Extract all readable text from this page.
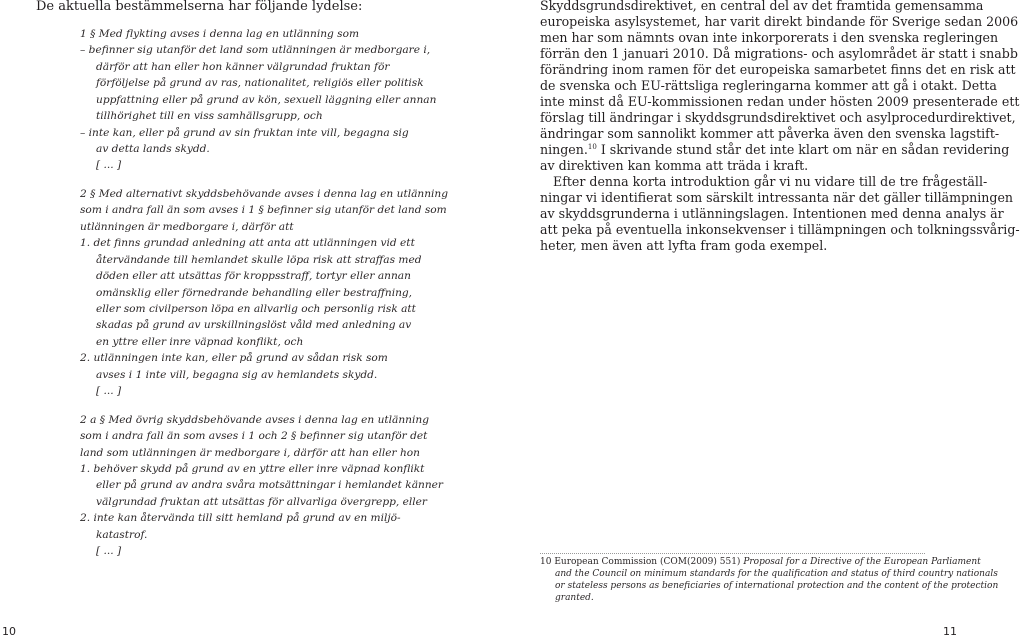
De aktuella bestämmelserna har följande lydelse:
1 § Med flykting avses i denna lag en utlänning som
– befinner sig utanför det land som utlänningen är medborgare i,
därför att han eller hon känner välgrundad fruktan för
förföljelse på grund av ras, nationalitet, religiös eller politisk
uppfattning eller på grund av kön, sexuell läggning eller annan
tillhörighet till en viss samhällsgrupp, och
– inte kan, eller på grund av sin fruktan inte vill, begagna sig
av detta lands skydd.
[ ... ]
2 § Med alternativt skyddsbehövande avses i denna lag en utlänning
som i andra fall än som avses i 1 § befinner sig utanför det land som
utlänningen är medborgare i, därför att
1. det finns grundad anledning att anta att utlänningen vid ett
återvändande till hemlandet skulle löpa risk att straffas med
döden eller att utsättas för kroppsstraff, tortyr eller annan
omänsklig eller förnedrande behandling eller bestraffning,
eller som civilperson löpa en allvarlig och personlig risk att
skadas på grund av urskillningslöst våld med anledning av
en yttre eller inre väpnad konflikt, och
2. utlänningen inte kan, eller på grund av sådan risk som
avses i 1 inte vill, begagna sig av hemlandets skydd.
[ ... ]
2 a § Med övrig skyddsbehövande avses i denna lag en utlänning
som i andra fall än som avses i 1 och 2 § befinner sig utanför det
land som utlänningen är medborgare i, därför att han eller hon
1. behöver skydd på grund av en yttre eller inre väpnad konflikt
eller på grund av andra svåra motsättningar i hemlandet känner
välgrundad fruktan att utsättas för allvarliga övergrepp, eller
2. inte kan återvända till sitt hemland på grund av en miljö-
katastrof.
[ ... ]
10
Skyddsgrundsdirektivet, en central del av det framtida gemensamma
europeiska asylsystemet, har varit direkt bindande för Sverige sedan 2006
men har som nämnts ovan inte inkorporerats i den svenska regleringen
förrän den 1 januari 2010. Då migrations- och asylområdet är statt i snabb
förändring inom ramen för det europeiska samarbetet finns det en risk att
de svenska och EU-rättsliga regleringarna kommer att gå i otakt. Detta
inte minst då EU-kommissionen redan under hösten 2009 presenterade ett
förslag till ändringar i skyddsgrundsdirektivet och asylprocedurdirektivet,
ändringar som sannolikt kommer att påverka även den svenska lagstift-
ningen.$^{10}$ I skrivande stund står det inte klart om när en sådan revidering
av direktiven kan komma att träda i kraft.
Efter denna korta introduktion går vi nu vidare till de tre frågeställ-
ningar vi identifierat som särskilt intressanta när det gäller tillämpningen
av skyddsgrunderna i utlänningslagen. Intentionen med denna analys är
att peka på eventuella inkonsekvenser i tillämpningen och tolkningssvårig-
heter, men även att lyfta fram goda exempel.
10 European Commission (COM(2009) 551) Proposal for a Directive of the European Parliament
and the Council on minimum standards for the qualification and status of third country nationals
or stateless persons as beneficiaries of international protection and the content of the protection
granted.
11
